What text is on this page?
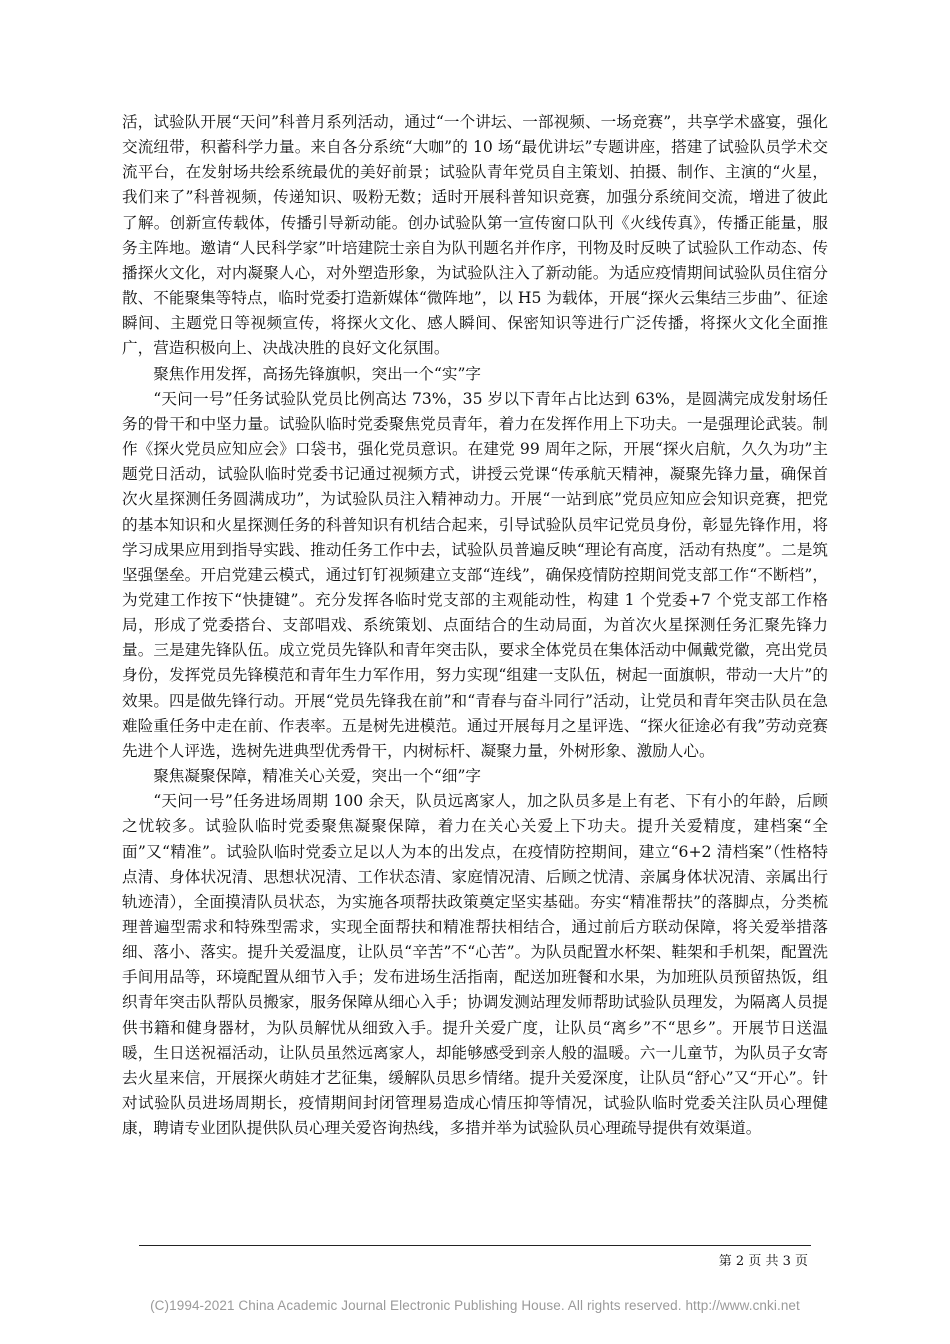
活，试验队开展“天问”科普月系列活动，通过“一个讲坛、一部视频、一场竞赛”，共享学术盛宴，强化交流纽带，积蓄科学力量。来自各分系统“大咖”的 10 场“最优讲坛”专题讲座，搭建了试验队员学术交流平台，在发射场共绘系统最优的美好前景；试验队青年党员自主策划、拍摄、制作、主演的“火星，我们来了”科普视频，传递知识、吸粉无数；适时开展科普知识竞赛，加强分系统间交流，增进了彼此了解。创新宣传载体，传播引导新动能。创办试验队第一宣传窗口队刊《火线传真》，传播正能量，服务主阵地。邀请“人民科学家”叶培建院士亲自为队刊题名并作序，刊物及时反映了试验队工作动态、传播探火文化，对内凝聚人心，对外塑造形象，为试验队注入了新动能。为适应疫情期间试验队员住宿分散、不能聚集等特点，临时党委打造新媒体“微阵地”，以 H5 为载体，开展“探火云集结三步曲”、征途瞬间、主题党日等视频宣传，将探火文化、感人瞬间、保密知识等进行广泛传播，将探火文化全面推广，营造积极向上、决战决胜的良好文化氛围。

聚焦作用发挥，高扬先锋旗帜，突出一个“实”字

“天问一号”任务试验队党员比例高达 73%，35 岁以下青年占比达到 63%，是圆满完成发射场任务的骨干和中坚力量。试验队临时党委聚焦党员青年，着力在发挥作用上下功夫。一是强理论武装。制作《探火党员应知应会》口袋书，强化党员意识。在建党 99 周年之际，开展“探火启航，久久为功”主题党日活动，试验队临时党委书记通过视频方式，讲授云党课“传承航天精神，凝聚先锋力量，确保首次火星探测任务圆满成功”，为试验队员注入精神动力。开展“一站到底”党员应知应会知识竞赛，把党的基本知识和火星探测任务的科普知识有机结合起来，引导试验队员牢记党员身份，彰显先锋作用，将学习成果应用到指导实践、推动任务工作中去，试验队员普遍反映“理论有高度，活动有热度”。二是筑坚强堡垒。开启党建云模式，通过钉钉视频建立支部“连线”，确保疫情防控期间党支部工作“不断档”，为党建工作按下“快捷键”。充分发挥各临时党支部的主观能动性，构建 1 个党委+7 个党支部工作格局，形成了党委搭台、支部唱戏、系统策划、点面结合的生动局面，为首次火星探测任务汇聚先锋力量。三是建先锋队伍。成立党员先锋队和青年突击队，要求全体党员在集体活动中佩戴党徽，亮出党员身份，发挥党员先锋模范和青年生力军作用，努力实现“组建一支队伍，树起一面旗帜，带动一大片”的效果。四是做先锋行动。开展“党员先锋我在前”和“青春与奋斗同行”活动，让党员和青年突击队员在急难险重任务中走在前、作表率。五是树先进模范。通过开展每月之星评选、“探火征途必有我”劳动竞赛先进个人评选，选树先进典型优秀骨干，内树标杆、凝聚力量，外树形象、激励人心。

聚焦凝聚保障，精准关心关爱，突出一个“细”字

“天问一号”任务进场周期 100 余天，队员远离家人，加之队员多是上有老、下有小的年龄，后顾之忧较多。试验队临时党委聚焦凝聚保障，着力在关心关爱上下功夫。提升关爱精度，建档案“全面”又“精准”。试验队临时党委立足以人为本的出发点，在疫情防控期间，建立“6+2 清档案”（性格特点清、身体状况清、思想状况清、工作状态清、家庭情况清、后顾之忧清、亲属身体状况清、亲属出行轨迹清），全面摸清队员状态，为实施各项帮扶政策奠定坚实基础。夯实“精准帮扶”的落脚点，分类梳理普遍型需求和特殊型需求，实现全面帮扶和精准帮扶相结合，通过前后方联动保障，将关爱举措落细、落小、落实。提升关爱温度，让队员“辛苦”不“心苦”。为队员配置水杯架、鞋架和手机架，配置洗手间用品等，环境配置从细节入手；发布进场生活指南，配送加班餐和水果，为加班队员预留热饭，组织青年突击队帮队员搬家，服务保障从细心入手；协调发测站理发师帮助试验队员理发，为隔离人员提供书籍和健身器材，为队员解忧从细致入手。提升关爱广度，让队员“离乡”不“思乡”。开展节日送温暖，生日送祝福活动，让队员虽然远离家人，却能够感受到亲人般的温暖。六一儿童节，为队员子女寄去火星来信，开展探火萌娃才艺征集，缓解队员思乡情绪。提升关爱深度，让队员“舒心”又“开心”。针对试验队员进场周期长，疫情期间封闭管理易造成心情压抑等情况，试验队临时党委关注队员心理健康，聘请专业团队提供队员心理关爱咨询热线，多措并举为试验队员心理疏导提供有效渠道。

第 2 页 共 3 页
(C)1994-2021 China Academic Journal Electronic Publishing House. All rights reserved. http://www.cnki.net
